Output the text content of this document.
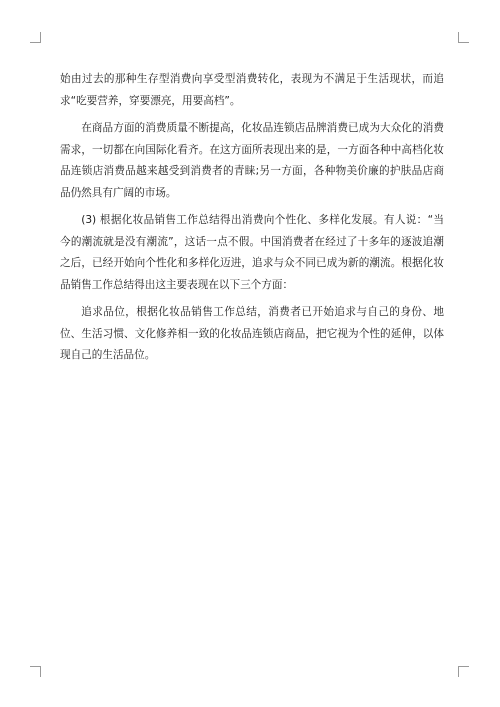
始由过去的那种生存型消费向享受型消费转化，表现为不满足于生活现状，而追求“吃要营养，穿要漂亮，用要高档”。

在商品方面的消费质量不断提高，化妆品连锁店品牌消费已成为大众化的消费需求，一切都在向国际化看齐。在这方面所表现出来的是，一方面各种中高档化妆品连锁店消费品越来越受到消费者的青睐;另一方面，各种物美价廉的护肤品店商品仍然具有广阔的市场。

(3) 根据化妆品销售工作总结得出消费向个性化、多样化发展。有人说：“当今的潮流就是没有潮流”，这话一点不假。中国消费者在经过了十多年的逐波追潮之后，已经开始向个性化和多样化迈进，追求与众不同已成为新的潮流。根据化妆品销售工作总结得出这主要表现在以下三个方面：

追求品位，根据化妆品销售工作总结，消费者已开始追求与自己的身份、地位、生活习惯、文化修养相一致的化妆品连锁店商品，把它视为个性的延伸，以体现自己的生活品位。
